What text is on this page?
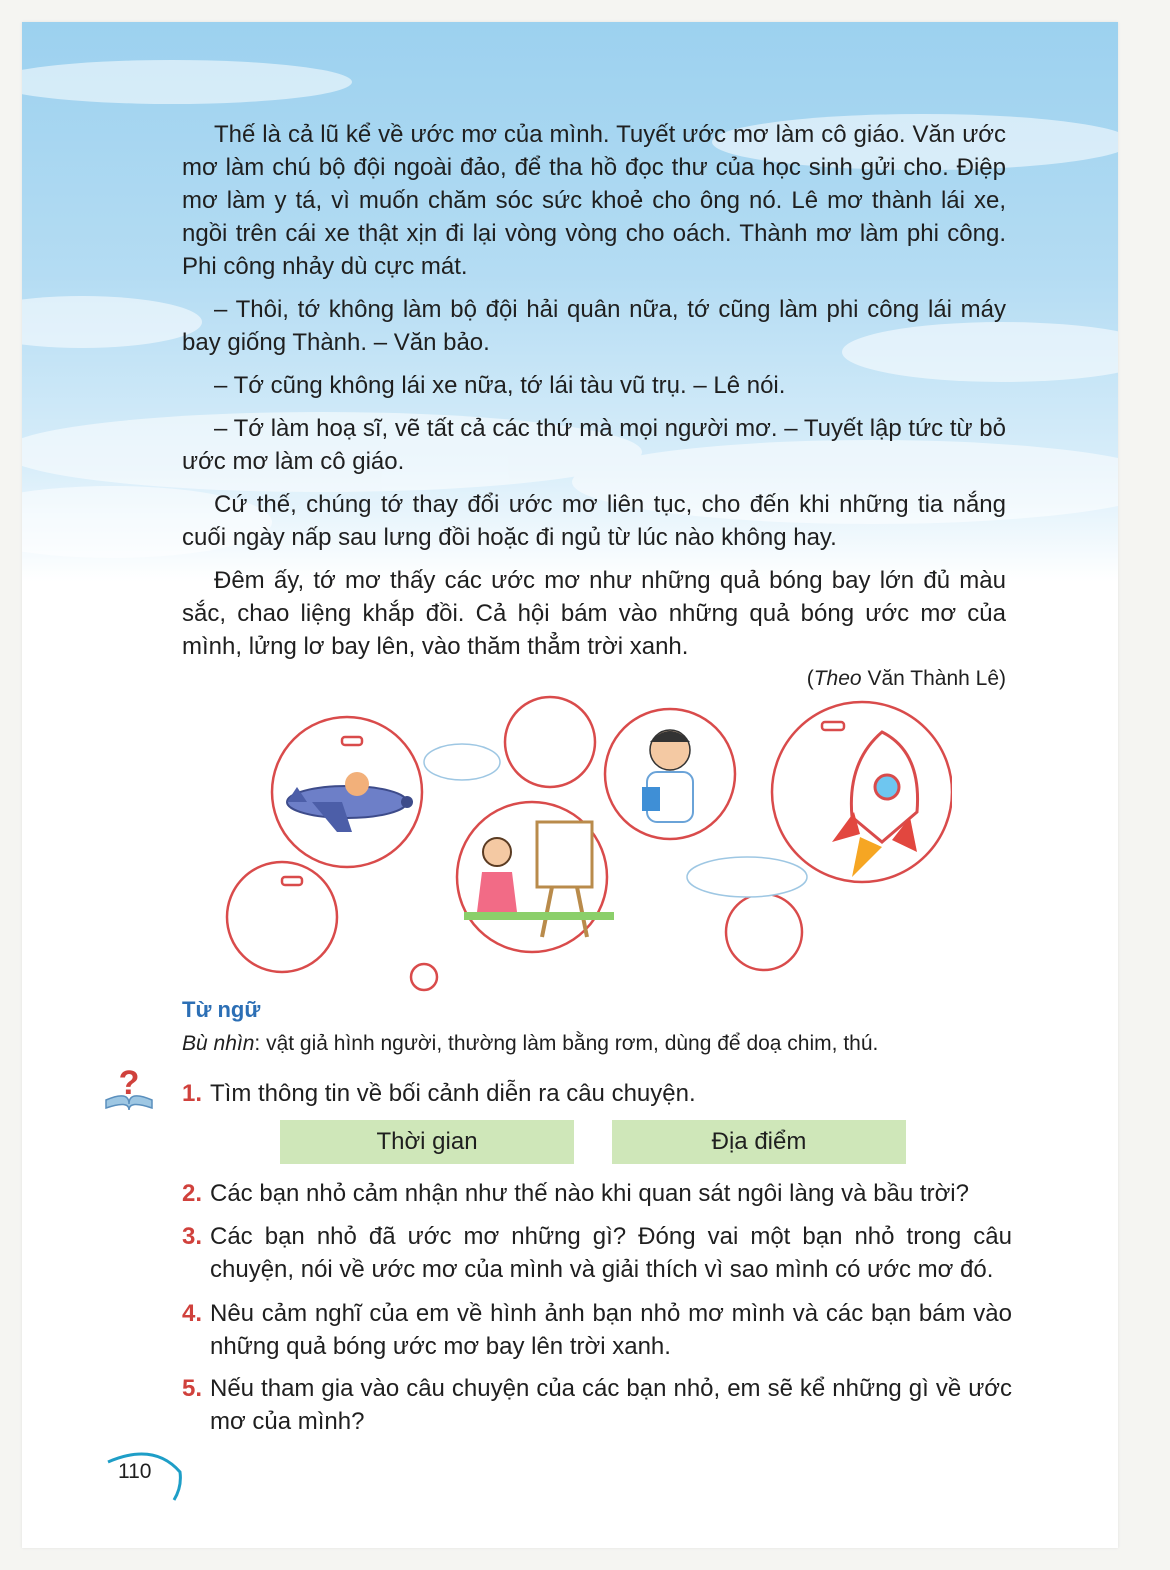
Thế là cả lũ kể về ước mơ của mình. Tuyết ước mơ làm cô giáo. Văn ước mơ làm chú bộ đội ngoài đảo, để tha hồ đọc thư của học sinh gửi cho. Điệp mơ làm y tá, vì muốn chăm sóc sức khoẻ cho ông nó. Lê mơ thành lái xe, ngồi trên cái xe thật xịn đi lại vòng vòng cho oách. Thành mơ làm phi công. Phi công nhảy dù cực mát.

– Thôi, tớ không làm bộ đội hải quân nữa, tớ cũng làm phi công lái máy bay giống Thành. – Văn bảo.

– Tớ cũng không lái xe nữa, tớ lái tàu vũ trụ. – Lê nói.

– Tớ làm hoạ sĩ, vẽ tất cả các thứ mà mọi người mơ. – Tuyết lập tức từ bỏ ước mơ làm cô giáo.

Cứ thế, chúng tớ thay đổi ước mơ liên tục, cho đến khi những tia nắng cuối ngày nấp sau lưng đồi hoặc đi ngủ từ lúc nào không hay.

Đêm ấy, tớ mơ thấy các ước mơ như những quả bóng bay lớn đủ màu sắc, chao liệng khắp đồi. Cả hội bám vào những quả bóng ước mơ của mình, lửng lơ bay lên, vào thăm thẳm trời xanh.

(Theo Văn Thành Lê)
Từ ngữ
Bù nhìn: vật giả hình người, thường làm bằng rơm, dùng để doạ chim, thú.
? 1. Tìm thông tin về bối cảnh diễn ra câu chuyện.
Thời gian	Địa điểm
2. Các bạn nhỏ cảm nhận như thế nào khi quan sát ngôi làng và bầu trời?
3. Các bạn nhỏ đã ước mơ những gì? Đóng vai một bạn nhỏ trong câu chuyện, nói về ước mơ của mình và giải thích vì sao mình có ước mơ đó.
4. Nêu cảm nghĩ của em về hình ảnh bạn nhỏ mơ mình và các bạn bám vào những quả bóng ước mơ bay lên trời xanh.
5. Nếu tham gia vào câu chuyện của các bạn nhỏ, em sẽ kể những gì về ước mơ của mình?
110
